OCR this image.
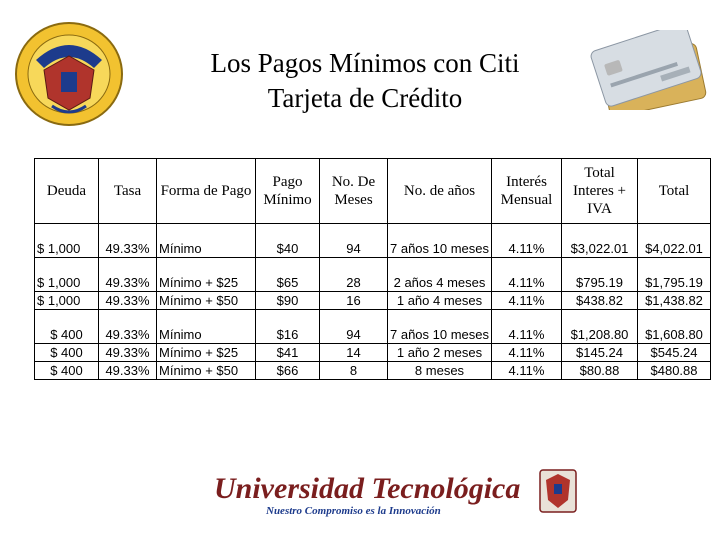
Los Pagos Mínimos con Citi
Tarjeta de Crédito
Deuda	Tasa	Forma de Pago	Pago Mínimo	No. De Meses	No. de años	Interés Mensual	Total Interes + IVA	Total
$ 1,000	49.33%	Mínimo	$40	94	7 años 10 meses	4.11%	$3,022.01	$4,022.01
$ 1,000	49.33%	Mínimo + $25	$65	28	2 años 4 meses	4.11%	$795.19	$1,795.19
$ 1,000	49.33%	Mínimo + $50	$90	16	1 año 4 meses	4.11%	$438.82	$1,438.82
$ 400	49.33%	Mínimo	$16	94	7 años 10 meses	4.11%	$1,208.80	$1,608.80
$ 400	49.33%	Mínimo + $25	$41	14	1 año 2 meses	4.11%	$145.24	$545.24
$ 400	49.33%	Mínimo + $50	$66	8	8 meses	4.11%	$80.88	$480.88
Universidad Tecnológica
Nuestro Compromiso es la Innovación
